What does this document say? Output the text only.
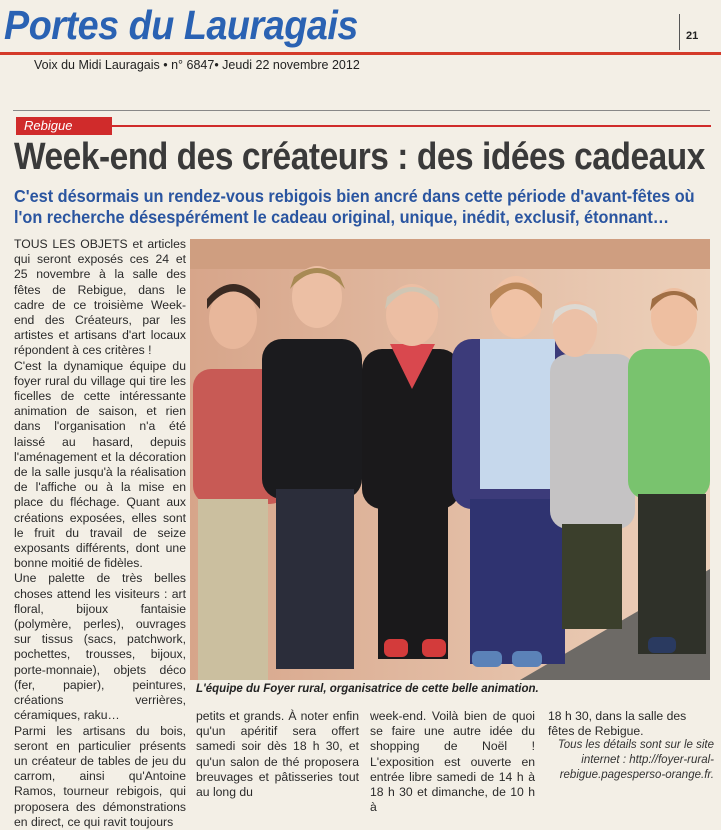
Portes du Lauragais	21
Voix du Midi Lauragais • n° 6847• Jeudi 22 novembre 2012
Rebigue
Week-end des créateurs : des idées cadeaux
C'est désormais un rendez-vous rebigois bien ancré dans cette période d'avant-fêtes où
l'on recherche désespérément le cadeau original, unique, inédit, exclusif, étonnant…

TOUS LES OBJETS et articles qui seront exposés ces 24 et 25 novembre à la salle des fêtes de Rebigue, dans le cadre de ce troisième Week-end des Créateurs, par les artistes et artisans d'art locaux répondent à ces critères !

C'est la dynamique équipe du foyer rural du village qui tire les ficelles de cette intéressante animation de saison, et rien dans l'organisation n'a été laissé au hasard, depuis l'aménagement et la décoration de la salle jusqu'à la réalisation de l'affiche ou à la mise en place du fléchage. Quant aux créations exposées, elles sont le fruit du travail de seize exposants différents, dont une bonne moitié de fidèles.

Une palette de très belles choses attend les visiteurs : art floral, bijoux fantaisie (polymère, perles), ouvrages sur tissus (sacs, patchwork, pochettes, trousses, bijoux, porte-monnaie), objets déco (fer, papier), peintures, créations verrières, céramiques, raku…

Parmi les artisans du bois, seront en particulier présents un créateur de tables de jeu du carrom, ainsi qu'Antoine Ramos, tourneur rebigois, qui proposera des démonstrations en direct, ce qui ravit toujours

L'équipe du Foyer rural, organisatrice de cette belle animation.
petits et grands. À noter enfin qu'un apéritif sera offert samedi soir dès 18 h 30, et qu'un salon de thé proposera breuvages et pâtisseries tout au long du
week-end. Voilà bien de quoi se faire une autre idée du shopping de Noël ! L'exposition est ouverte en entrée libre samedi de 14 h à 18 h 30 et dimanche, de 10 h à
18 h 30, dans la salle des fêtes de Rebigue.
Tous les détails sont sur le site internet : http://foyer-rural-rebigue.pagesperso-orange.fr.
